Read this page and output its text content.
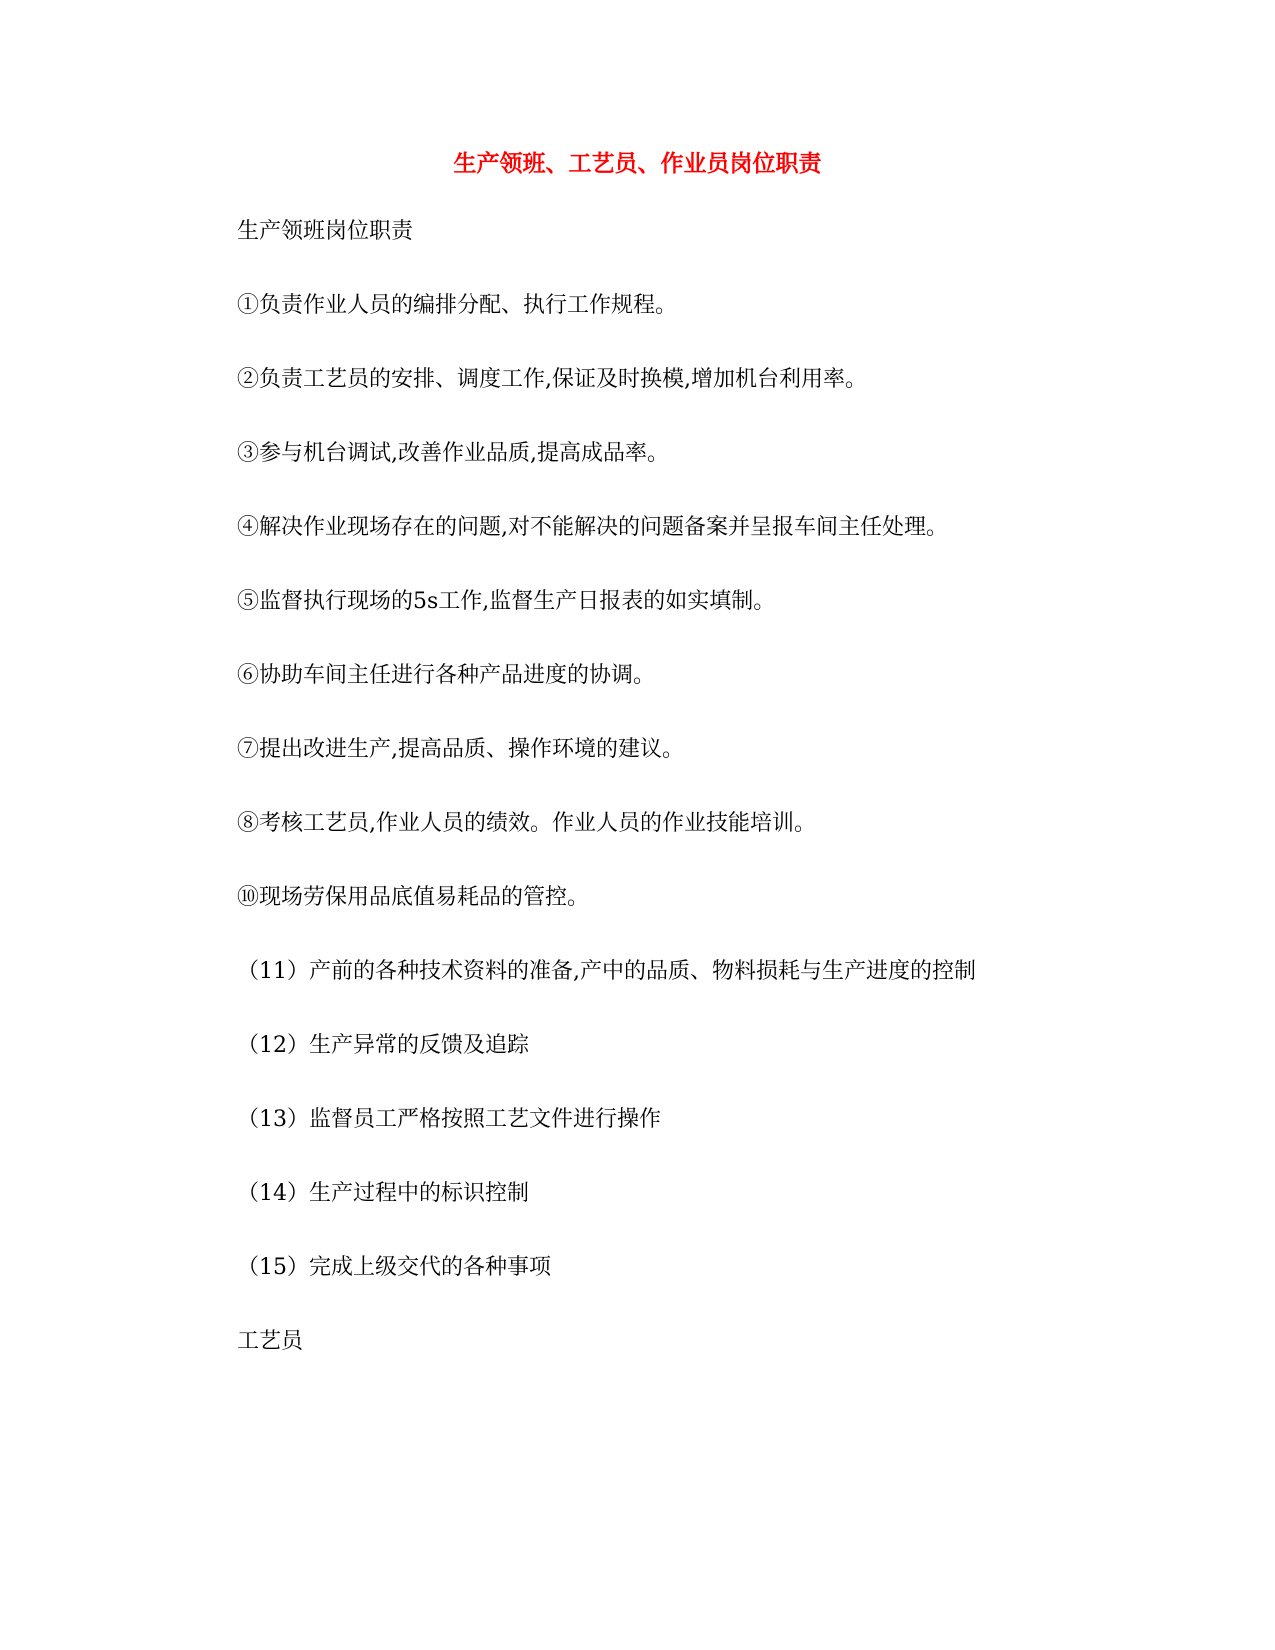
生产领班、工艺员、作业员岗位职责
生产领班岗位职责
①负责作业人员的编排分配、执行工作规程。
②负责工艺员的安排、调度工作,保证及时换模,增加机台利用率。
③参与机台调试,改善作业品质,提高成品率。
④解决作业现场存在的问题,对不能解决的问题备案并呈报车间主任处理。
⑤监督执行现场的5s工作,监督生产日报表的如实填制。
⑥协助车间主任进行各种产品进度的协调。
⑦提出改进生产,提高品质、操作环境的建议。
⑧考核工艺员,作业人员的绩效。作业人员的作业技能培训。
⑩现场劳保用品底值易耗品的管控。
（11）产前的各种技术资料的准备,产中的品质、物料损耗与生产进度的控制
（12）生产异常的反馈及追踪
（13）监督员工严格按照工艺文件进行操作
（14）生产过程中的标识控制
（15）完成上级交代的各种事项
工艺员
